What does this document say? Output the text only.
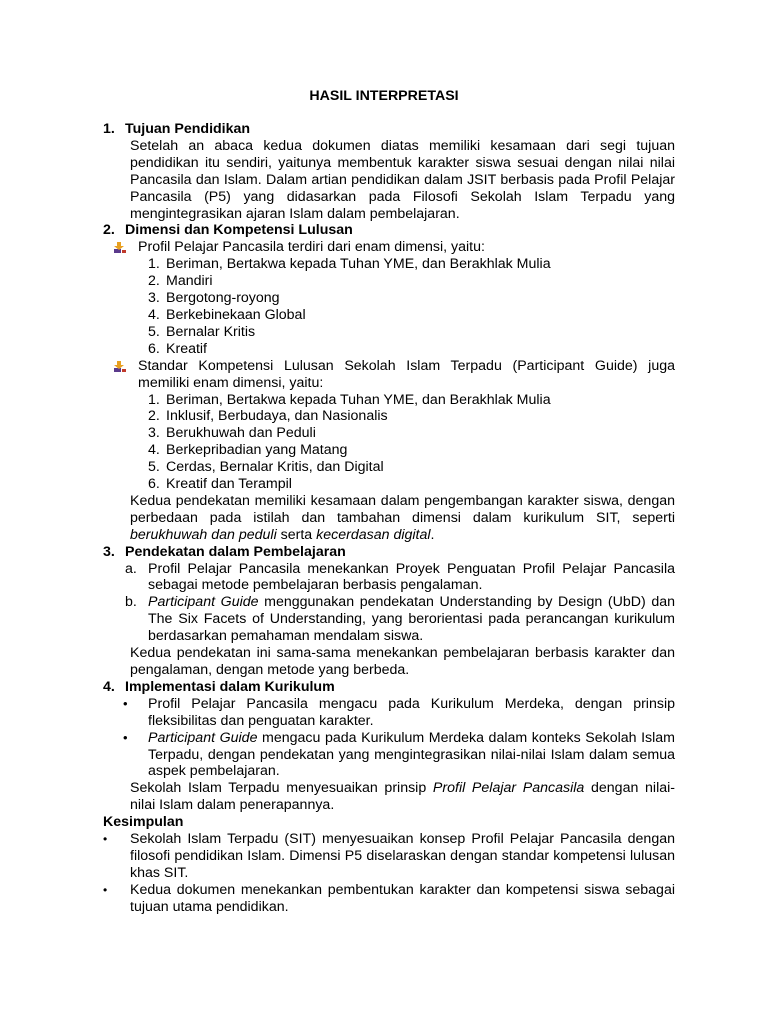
HASIL INTERPRETASI
1. Tujuan Pendidikan
Setelah an abaca kedua dokumen diatas memiliki kesamaan dari segi tujuan pendidikan itu sendiri, yaitunya membentuk karakter siswa sesuai dengan nilai nilai Pancasila dan Islam. Dalam artian pendidikan dalam JSIT berbasis pada Profil Pelajar Pancasila (P5) yang didasarkan pada Filosofi Sekolah Islam Terpadu yang mengintegrasikan ajaran Islam dalam pembelajaran.
2. Dimensi dan Kompetensi Lulusan
Profil Pelajar Pancasila terdiri dari enam dimensi, yaitu:
1. Beriman, Bertakwa kepada Tuhan YME, dan Berakhlak Mulia
2. Mandiri
3. Bergotong-royong
4. Berkebinekaan Global
5. Bernalar Kritis
6. Kreatif
Standar Kompetensi Lulusan Sekolah Islam Terpadu (Participant Guide) juga memiliki enam dimensi, yaitu:
1. Beriman, Bertakwa kepada Tuhan YME, dan Berakhlak Mulia
2. Inklusif, Berbudaya, dan Nasionalis
3. Berukhuwah dan Peduli
4. Berkepribadian yang Matang
5. Cerdas, Bernalar Kritis, dan Digital
6. Kreatif dan Terampil
Kedua pendekatan memiliki kesamaan dalam pengembangan karakter siswa, dengan perbedaan pada istilah dan tambahan dimensi dalam kurikulum SIT, seperti berukhuwah dan peduli serta kecerdasan digital.
3. Pendekatan dalam Pembelajaran
a. Profil Pelajar Pancasila menekankan Proyek Penguatan Profil Pelajar Pancasila sebagai metode pembelajaran berbasis pengalaman.
b. Participant Guide menggunakan pendekatan Understanding by Design (UbD) dan The Six Facets of Understanding, yang berorientasi pada perancangan kurikulum berdasarkan pemahaman mendalam siswa.
Kedua pendekatan ini sama-sama menekankan pembelajaran berbasis karakter dan pengalaman, dengan metode yang berbeda.
4. Implementasi dalam Kurikulum
• Profil Pelajar Pancasila mengacu pada Kurikulum Merdeka, dengan prinsip fleksibilitas dan penguatan karakter.
• Participant Guide mengacu pada Kurikulum Merdeka dalam konteks Sekolah Islam Terpadu, dengan pendekatan yang mengintegrasikan nilai-nilai Islam dalam semua aspek pembelajaran.
Sekolah Islam Terpadu menyesuaikan prinsip Profil Pelajar Pancasila dengan nilai-nilai Islam dalam penerapannya.
Kesimpulan
• Sekolah Islam Terpadu (SIT) menyesuaikan konsep Profil Pelajar Pancasila dengan filosofi pendidikan Islam. Dimensi P5 diselaraskan dengan standar kompetensi lulusan khas SIT.
• Kedua dokumen menekankan pembentukan karakter dan kompetensi siswa sebagai tujuan utama pendidikan.
